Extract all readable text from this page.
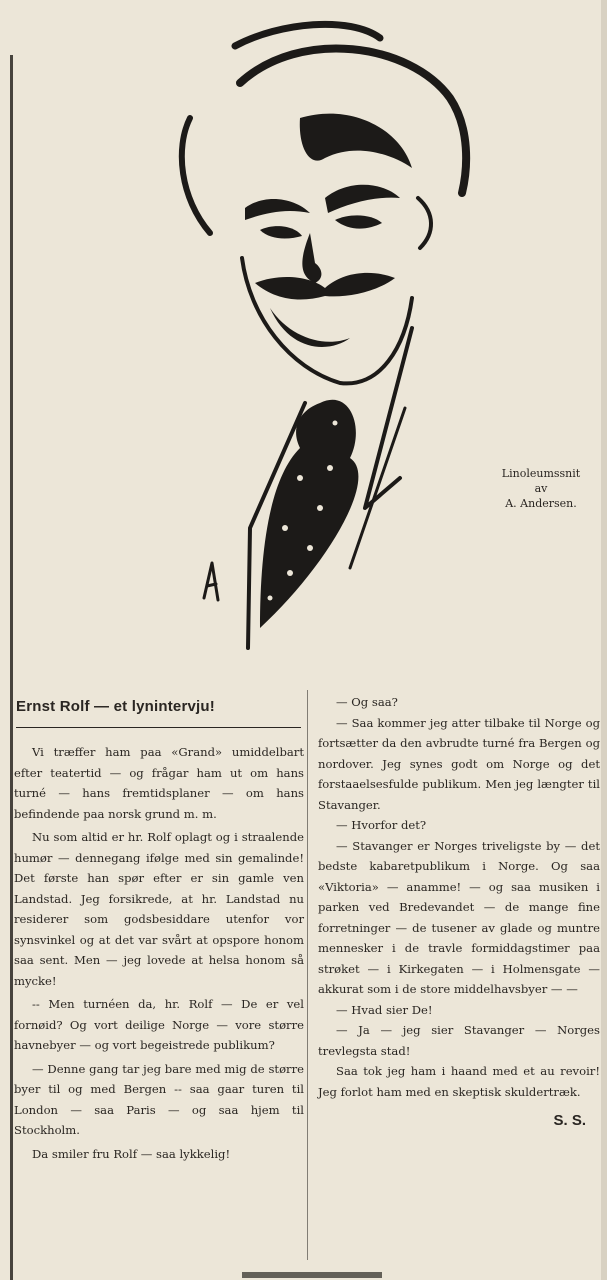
Linoleumssnit
av
A. Andersen.
Ernst Rolf — et lynintervju!

Vi træffer ham paa «Grand» umiddelbart efter teatertid — og frågar ham ut om hans turné — hans fremtidsplaner — om hans befindende paa norsk grund m. m.

Nu som altid er hr. Rolf oplagt og i straalende humør — dennegang ifølge med sin gemalinde! Det første han spør efter er sin gamle ven Landstad. Jeg forsikrede, at hr. Landstad nu residerer som godsbesiddare utenfor vor synsvinkel og at det var svårt at opspore honom saa sent. Men — jeg lovede at helsa honom så mycke!

-- Men turnéen da, hr. Rolf — De er vel fornøid? Og vort deilige Norge — vore større havnebyer — og vort begeistrede publikum?

— Denne gang tar jeg bare med mig de større byer til og med Bergen -- saa gaar turen til London — saa Paris — og saa hjem til Stockholm.

Da smiler fru Rolf — saa lykkelig!

— Og saa?

— Saa kommer jeg atter tilbake til Norge og fortsætter da den avbrudte turné fra Bergen og nordover. Jeg synes godt om Norge og det forstaaelsesfulde publikum. Men jeg længter til Stavanger.

— Hvorfor det?

— Stavanger er Norges triveligste by — det bedste kabaretpublikum i Norge. Og saa «Viktoria» — anamme! — og saa musiken i parken ved Bredevandet — de mange fine forretninger — de tusener av glade og muntre mennesker i de travle formiddagstimer paa strøket — i Kirkegaten — i Holmensgate — akkurat som i de store middelhavsbyer — —

— Hvad sier De!

— Ja — jeg sier Stavanger — Norges trevlegsta stad!

Saa tok jeg ham i haand med et au revoir! Jeg forlot ham med en skeptisk skuldertræk.

S. S.
